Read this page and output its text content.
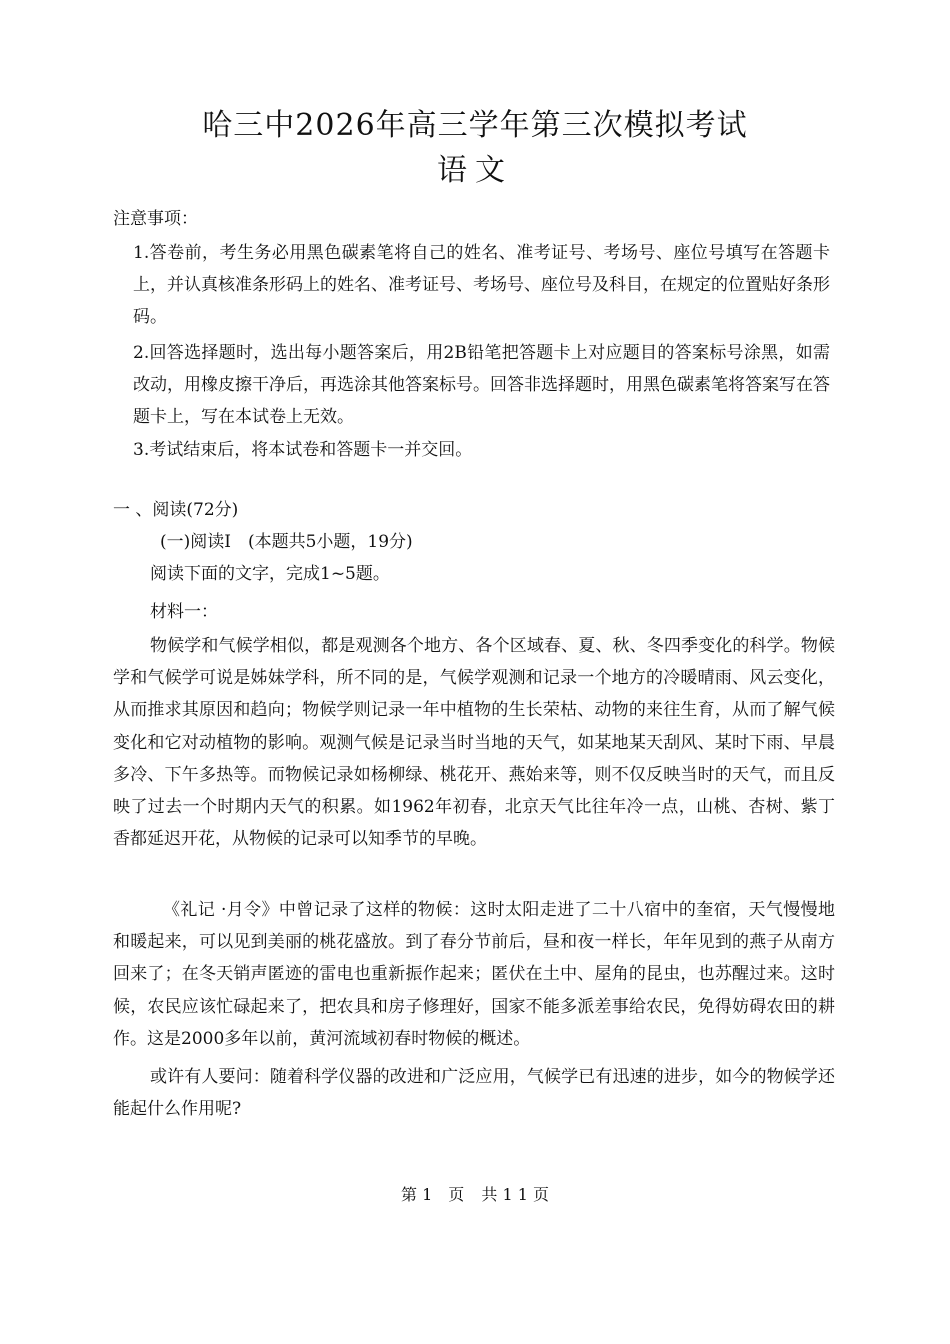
哈三中2026年高三学年第三次模拟考试
语文
注意事项：
1.答卷前，考生务必用黑色碳素笔将自己的姓名、准考证号、考场号、座位号填写在答题卡上，并认真核准条形码上的姓名、准考证号、考场号、座位号及科目，在规定的位置贴好条形码。
2.回答选择题时，选出每小题答案后，用2B铅笔把答题卡上对应题目的答案标号涂黑，如需改动，用橡皮擦干净后，再选涂其他答案标号。回答非选择题时，用黑色碳素笔将答案写在答题卡上，写在本试卷上无效。
3.考试结束后，将本试卷和答题卡一并交回。
一 、阅读(72分)
(一)阅读I　(本题共5小题，19分)
阅读下面的文字，完成1~5题。
材料一：
物候学和气候学相似，都是观测各个地方、各个区域春、夏、秋、冬四季变化的科学。物候学和气候学可说是姊妹学科，所不同的是，气候学观测和记录一个地方的冷暖晴雨、风云变化，从而推求其原因和趋向；物候学则记录一年中植物的生长荣枯、动物的来往生育，从而了解气候变化和它对动植物的影响。观测气候是记录当时当地的天气，如某地某天刮风、某时下雨、早晨多冷、下午多热等。而物候记录如杨柳绿、桃花开、燕始来等，则不仅反映当时的天气，而且反映了过去一个时期内天气的积累。如1962年初春，北京天气比往年冷一点，山桃、杏树、紫丁香都延迟开花，从物候的记录可以知季节的早晚。
《礼记 ·月令》中曾记录了这样的物候：这时太阳走进了二十八宿中的奎宿，天气慢慢地和暖起来，可以见到美丽的桃花盛放。到了春分节前后，昼和夜一样长，年年见到的燕子从南方回来了；在冬天销声匿迹的雷电也重新振作起来；匿伏在土中、屋角的昆虫，也苏醒过来。这时候，农民应该忙碌起来了，把农具和房子修理好，国家不能多派差事给农民，免得妨碍农田的耕作。这是2000多年以前，黄河流域初春时物候的概述。
或许有人要问：随着科学仪器的改进和广泛应用，气候学已有迅速的进步，如今的物候学还能起什么作用呢?
第 1　页 共 1 1 页
